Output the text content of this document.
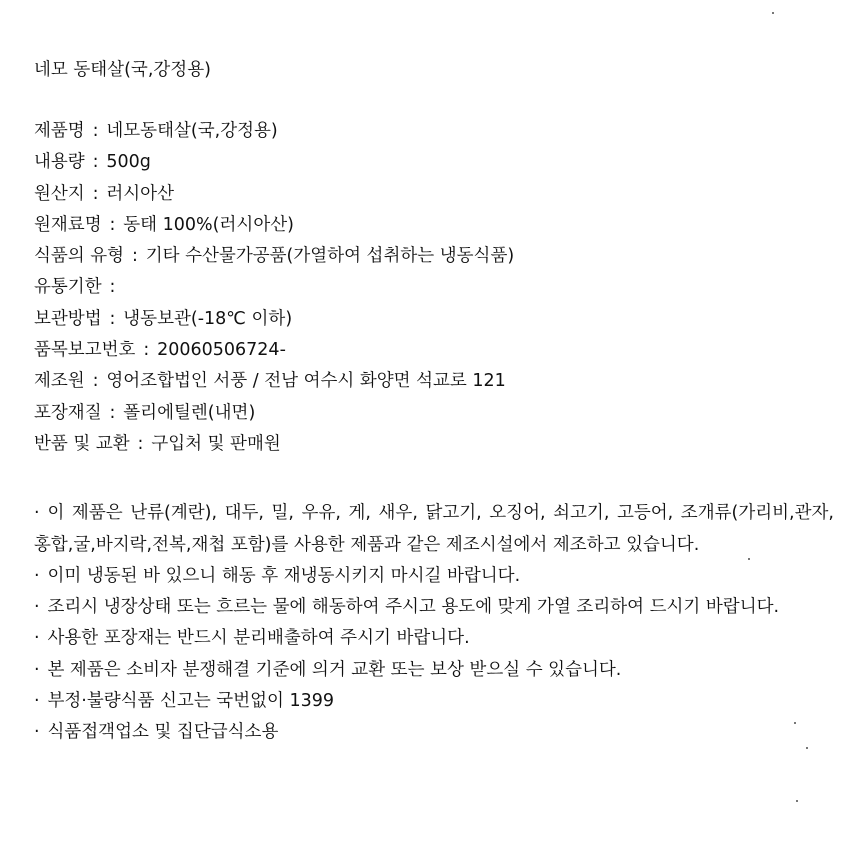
네모 동태살(국,강정용)
제품명 : 네모동태살(국,강정용)
내용량 : 500g
원산지 : 러시아산
원재료명 : 동태 100%(러시아산)
식품의 유형 : 기타 수산물가공품(가열하여 섭취하는 냉동식품)
유통기한 :
보관방법 : 냉동보관(-18℃ 이하)
품목보고번호 : 20060506724-
제조원 : 영어조합법인 서풍 / 전남 여수시 화양면 석교로 121
포장재질 : 폴리에틸렌(내면)
반품 및 교환 : 구입처 및 판매원
· 이 제품은 난류(계란), 대두, 밀, 우유, 게, 새우, 닭고기, 오징어, 쇠고기, 고등어, 조개류(가리비,관자,홍합,굴,바지락,전복,재첩 포함)를 사용한 제품과 같은 제조시설에서 제조하고 있습니다.
· 이미 냉동된 바 있으니 해동 후 재냉동시키지 마시길 바랍니다.
· 조리시 냉장상태 또는 흐르는 물에 해동하여 주시고 용도에 맞게 가열 조리하여 드시기 바랍니다.
· 사용한 포장재는 반드시 분리배출하여 주시기 바랍니다.
· 본 제품은 소비자 분쟁해결 기준에 의거 교환 또는 보상 받으실 수 있습니다.
· 부정·불량식품 신고는 국번없이 1399
· 식품접객업소 및 집단급식소용
